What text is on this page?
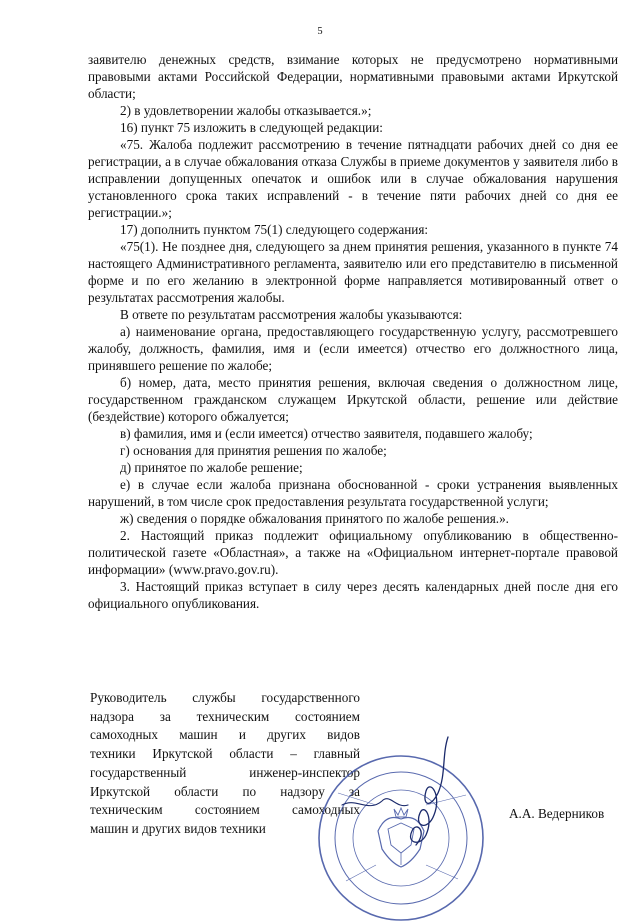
5

заявителю денежных средств, взимание которых не предусмотрено нормативными правовыми актами Российской Федерации, нормативными правовыми актами Иркутской области;

2) в удовлетворении жалобы отказывается.»;

16) пункт 75 изложить в следующей редакции:

«75. Жалоба подлежит рассмотрению в течение пятнадцати рабочих дней со дня ее регистрации, а в случае обжалования отказа Службы в приеме документов у заявителя либо в исправлении допущенных опечаток и ошибок или в случае обжалования нарушения установленного срока таких исправлений - в течение пяти рабочих дней со дня ее регистрации.»;

17) дополнить пунктом 75(1) следующего содержания:

«75(1). Не позднее дня, следующего за днем принятия решения, указанного в пункте 74 настоящего Административного регламента, заявителю или его представителю в письменной форме и по его желанию в электронной форме направляется мотивированный ответ о результатах рассмотрения жалобы.

В ответе по результатам рассмотрения жалобы указываются:

а) наименование органа, предоставляющего государственную услугу, рассмотревшего жалобу, должность, фамилия, имя и (если имеется) отчество его должностного лица, принявшего решение по жалобе;

б) номер, дата, место принятия решения, включая сведения о должностном лице, государственном гражданском служащем Иркутской области, решение или действие (бездействие) которого обжалуется;

в) фамилия, имя и (если имеется) отчество заявителя, подавшего жалобу;

г) основания для принятия решения по жалобе;

д) принятое по жалобе решение;

е) в случае если жалоба признана обоснованной - сроки устранения выявленных нарушений, в том числе срок предоставления результата государственной услуги;

ж) сведения о порядке обжалования принятого по жалобе решения.».

2. Настоящий приказ подлежит официальному опубликованию в общественно-политической газете «Областная», а также на «Официальном интернет-портале правовой информации» (www.pravo.gov.ru).

3. Настоящий приказ вступает в силу через десять календарных дней после дня его официального опубликования.

Руководитель службы государственного
надзора за техническим состоянием
самоходных машин и других видов
техники Иркутской области – главный
государственный инженер-инспектор
Иркутской области по надзору за
техническим состоянием самоходных
машин и других видов техники
А.А. Ведерников
